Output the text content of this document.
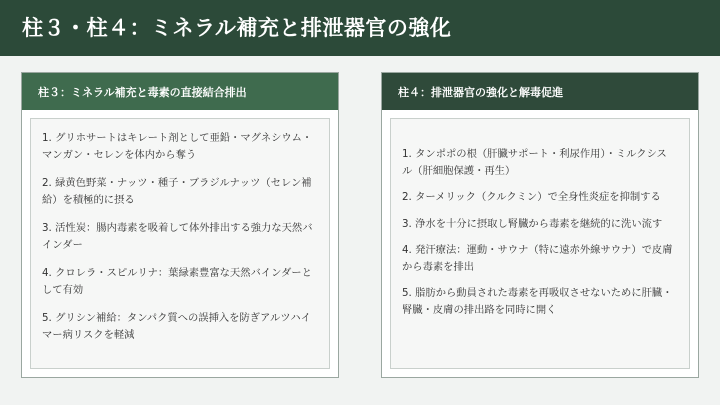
柱３・柱４：ミネラル補充と排泄器官の強化
柱３：ミネラル補充と毒素の直接結合排出
1. グリホサートはキレート剤として亜鉛・マグネシウム・マンガン・セレンを体内から奪う
2. 緑黄色野菜・ナッツ・種子・ブラジルナッツ（セレン補給）を積極的に摂る
3. 活性炭：腸内毒素を吸着して体外排出する強力な天然バインダー
4. クロレラ・スピルリナ：葉緑素豊富な天然バインダーとして有効
5. グリシン補給：タンパク質への誤挿入を防ぎアルツハイマー病リスクを軽減
柱４：排泄器官の強化と解毒促進
1. タンポポの根（肝臓サポート・利尿作用）・ミルクシスル（肝細胞保護・再生）
2. ターメリック（クルクミン）で全身性炎症を抑制する
3. 浄水を十分に摂取し腎臓から毒素を継続的に洗い流す
4. 発汗療法：運動・サウナ（特に遠赤外線サウナ）で皮膚から毒素を排出
5. 脂肪から動員された毒素を再吸収させないために肝臓・腎臓・皮膚の排出路を同時に開く
